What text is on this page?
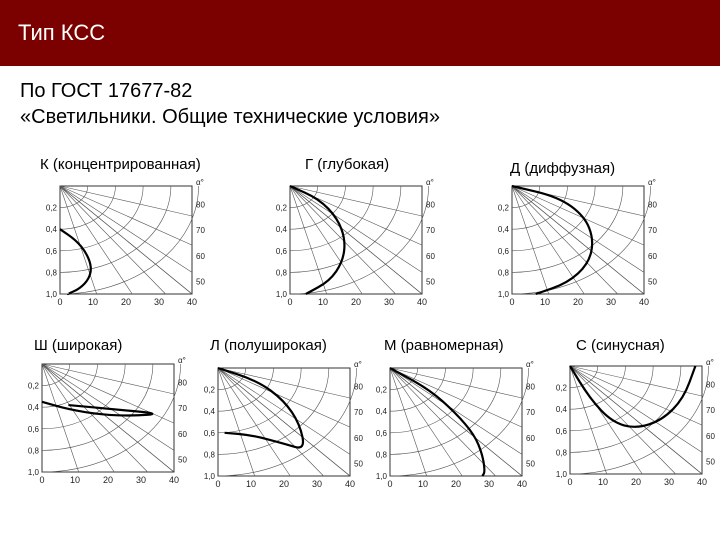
Тип КСС
По ГОСТ 17677-82
«Светильники. Общие технические условия»
К (концентрированная)	Г (глубокая)	Д (диффузная)
Ш (широкая)	Л (полуширокая)	М (равномерная)	С (синусная)
0,2
0,4
0,6
0,8
1,0
0	10	20	30	40
80
70
60
50
α°
0,2
0,4
0,6
0,8
1,0
0	10	20	30	40
80
70
60
50
α°
0,2
0,4
0,6
0,8
1,0
0	10	20	30	40
80
70
60
50
α°
0,2
0,4
0,6
0,8
1,0
0	10	20	30	40
80
70
60
50
α°
0,2
0,4
0,6
0,8
1,0
0	10	20	30	40
80
70
60
50
α°
0,2
0,4
0,6
0,8
1,0
0	10	20	30	40
80
70
60
50
α°
0,2
0,4
0,6
0,8
1,0
0	10	20	30	40
80
70
60
50
α°
